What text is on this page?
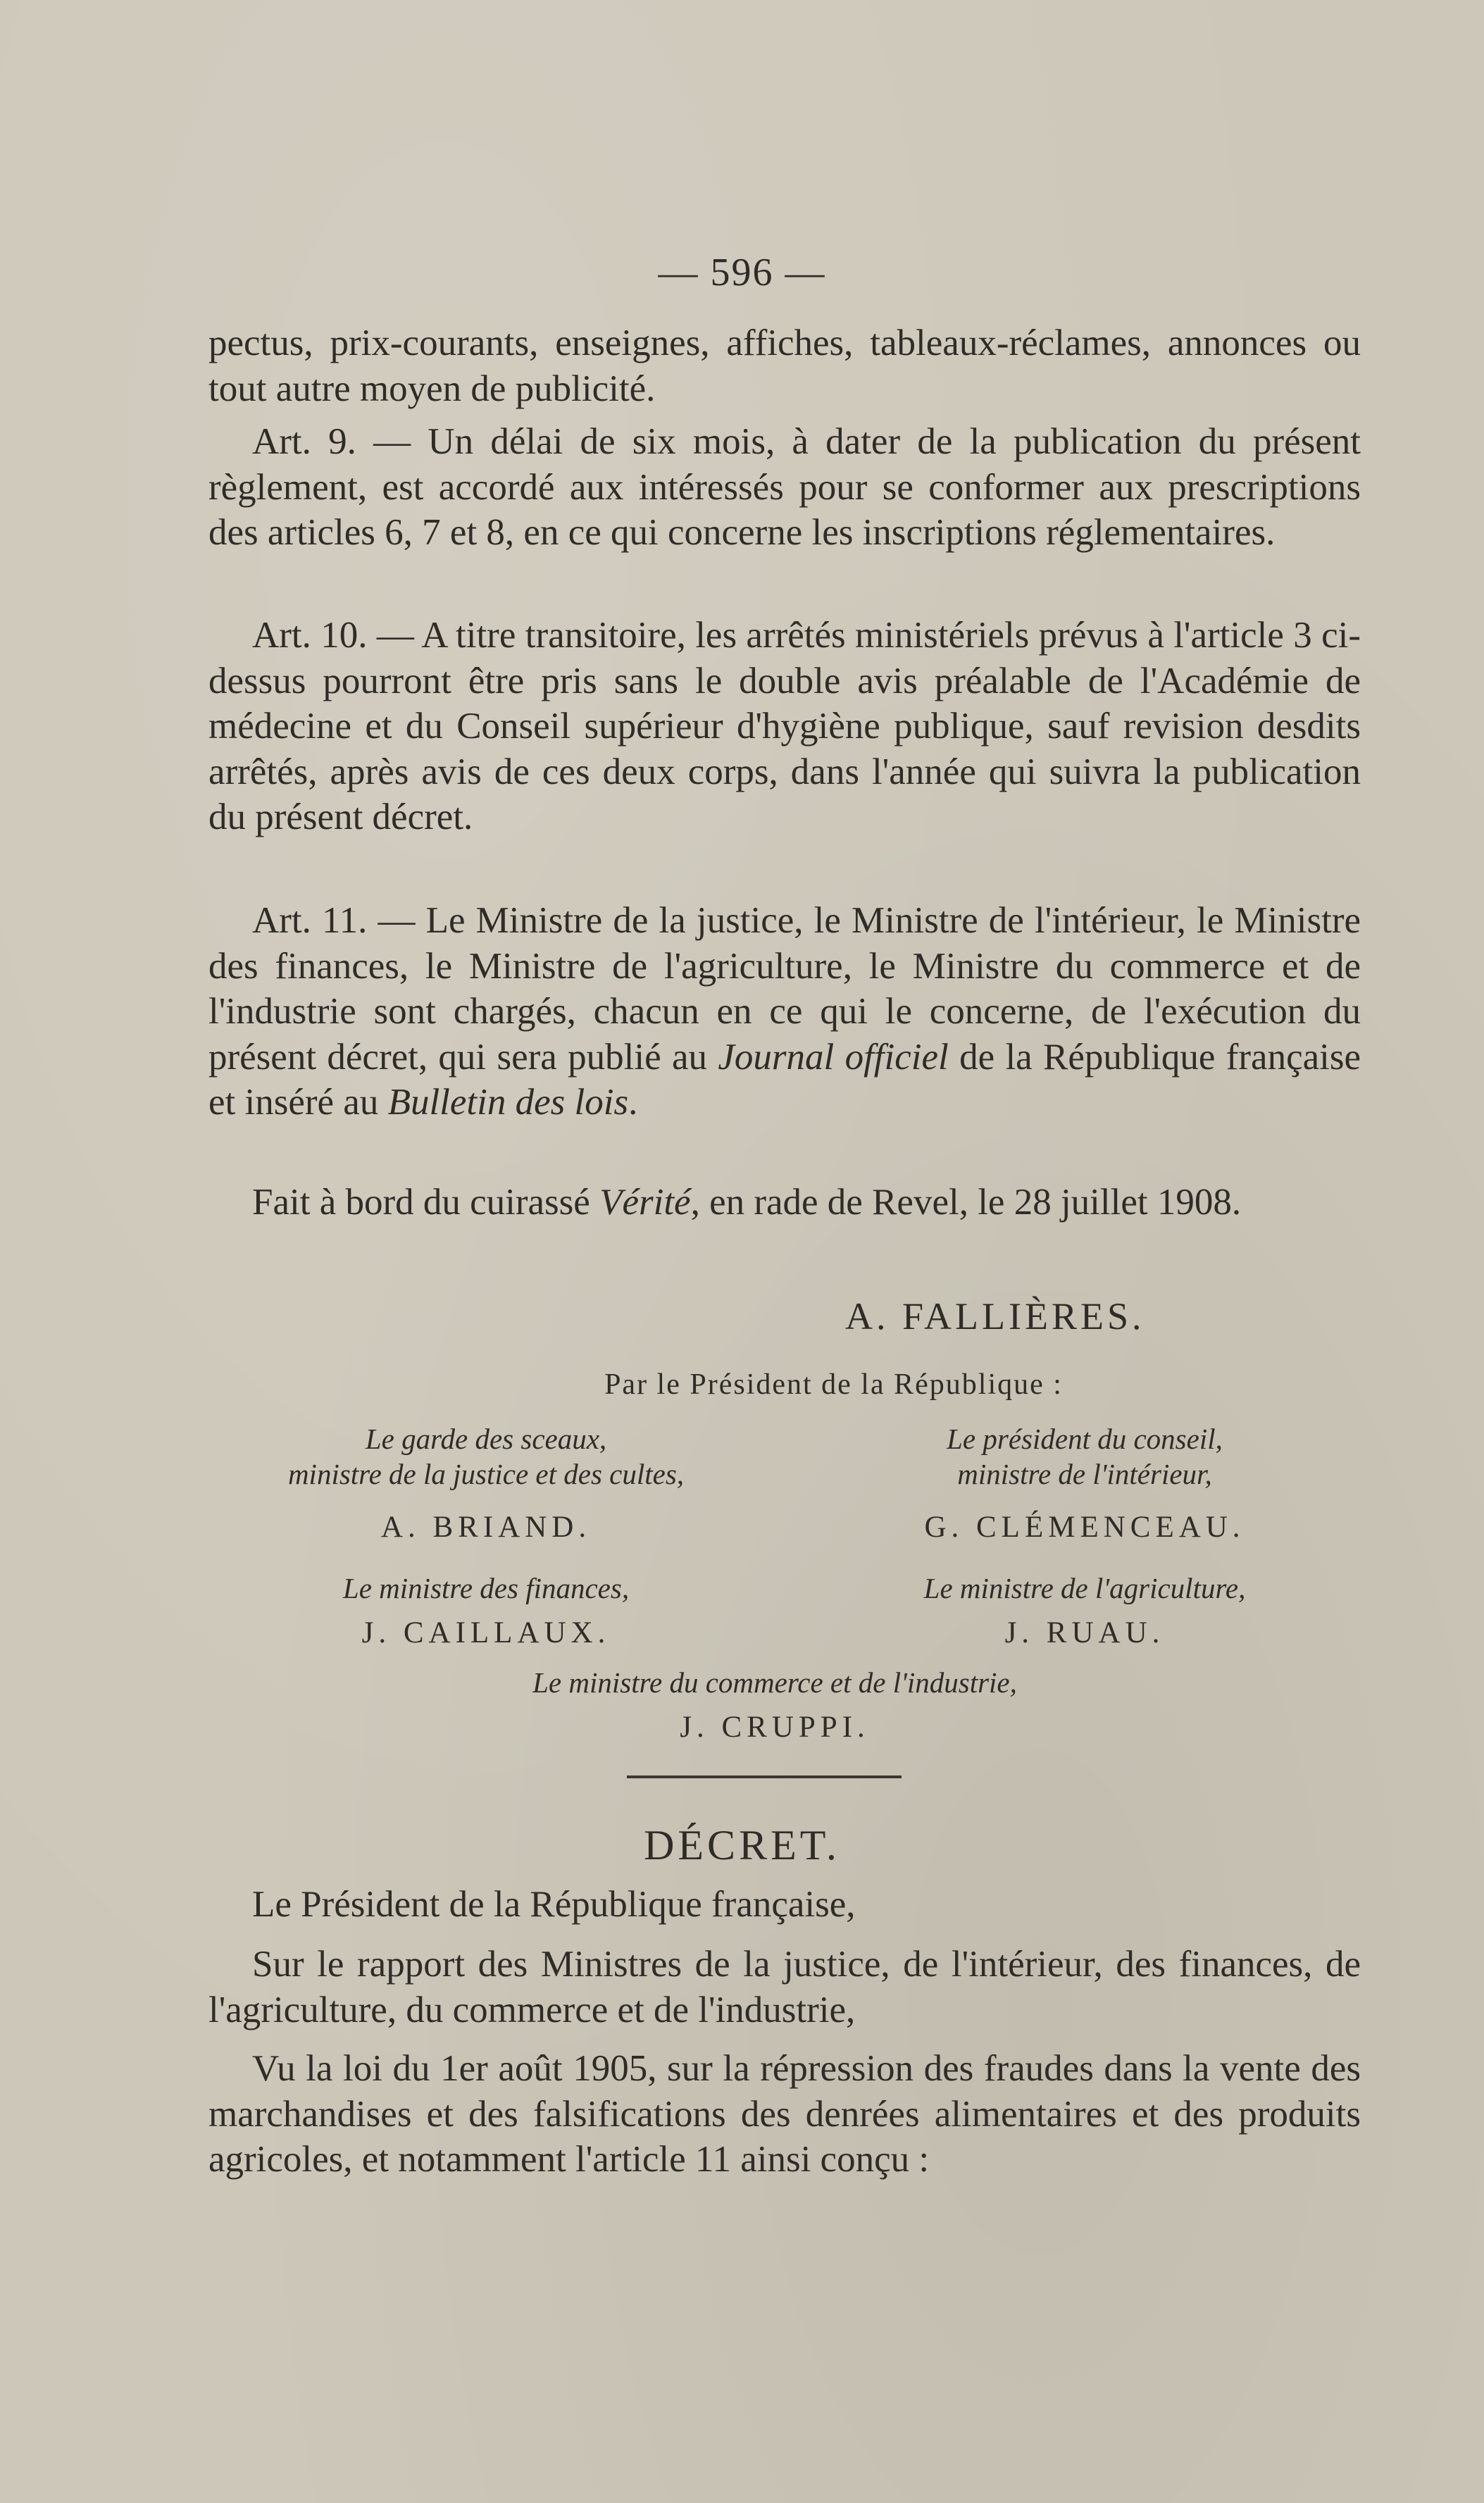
— 596 —

pectus, prix-courants, enseignes, affiches, tableaux-réclames, annonces ou tout autre moyen de publicité.

Art. 9. — Un délai de six mois, à dater de la publication du présent règlement, est accordé aux intéressés pour se conformer aux prescriptions des articles 6, 7 et 8, en ce qui concerne les inscriptions réglementaires.

Art. 10. — A titre transitoire, les arrêtés ministériels prévus à l'article 3 ci-dessus pourront être pris sans le double avis préalable de l'Académie de médecine et du Conseil supérieur d'hygiène publique, sauf revision desdits arrêtés, après avis de ces deux corps, dans l'année qui suivra la publication du présent décret.

Art. 11. — Le Ministre de la justice, le Ministre de l'intérieur, le Ministre des finances, le Ministre de l'agriculture, le Ministre du commerce et de l'industrie sont chargés, chacun en ce qui le concerne, de l'exécution du présent décret, qui sera publié au Journal officiel de la République française et inséré au Bulletin des lois.

Fait à bord du cuirassé Vérité, en rade de Revel, le 28 juillet 1908.

A. FALLIÈRES.
Par le Président de la République :
Le garde des sceaux,
ministre de la justice et des cultes,
A. BRIAND.
Le président du conseil,
ministre de l'intérieur,
G. CLÉMENCEAU.
Le ministre des finances,
J. CAILLAUX.
Le ministre de l'agriculture,
J. RUAU.
Le ministre du commerce et de l'industrie,
J. CRUPPI.
DÉCRET.

Le Président de la République française,

Sur le rapport des Ministres de la justice, de l'intérieur, des finances, de l'agriculture, du commerce et de l'industrie,

Vu la loi du 1er août 1905, sur la répression des fraudes dans la vente des marchandises et des falsifications des denrées alimentaires et des produits agricoles, et notamment l'article 11 ainsi conçu :
